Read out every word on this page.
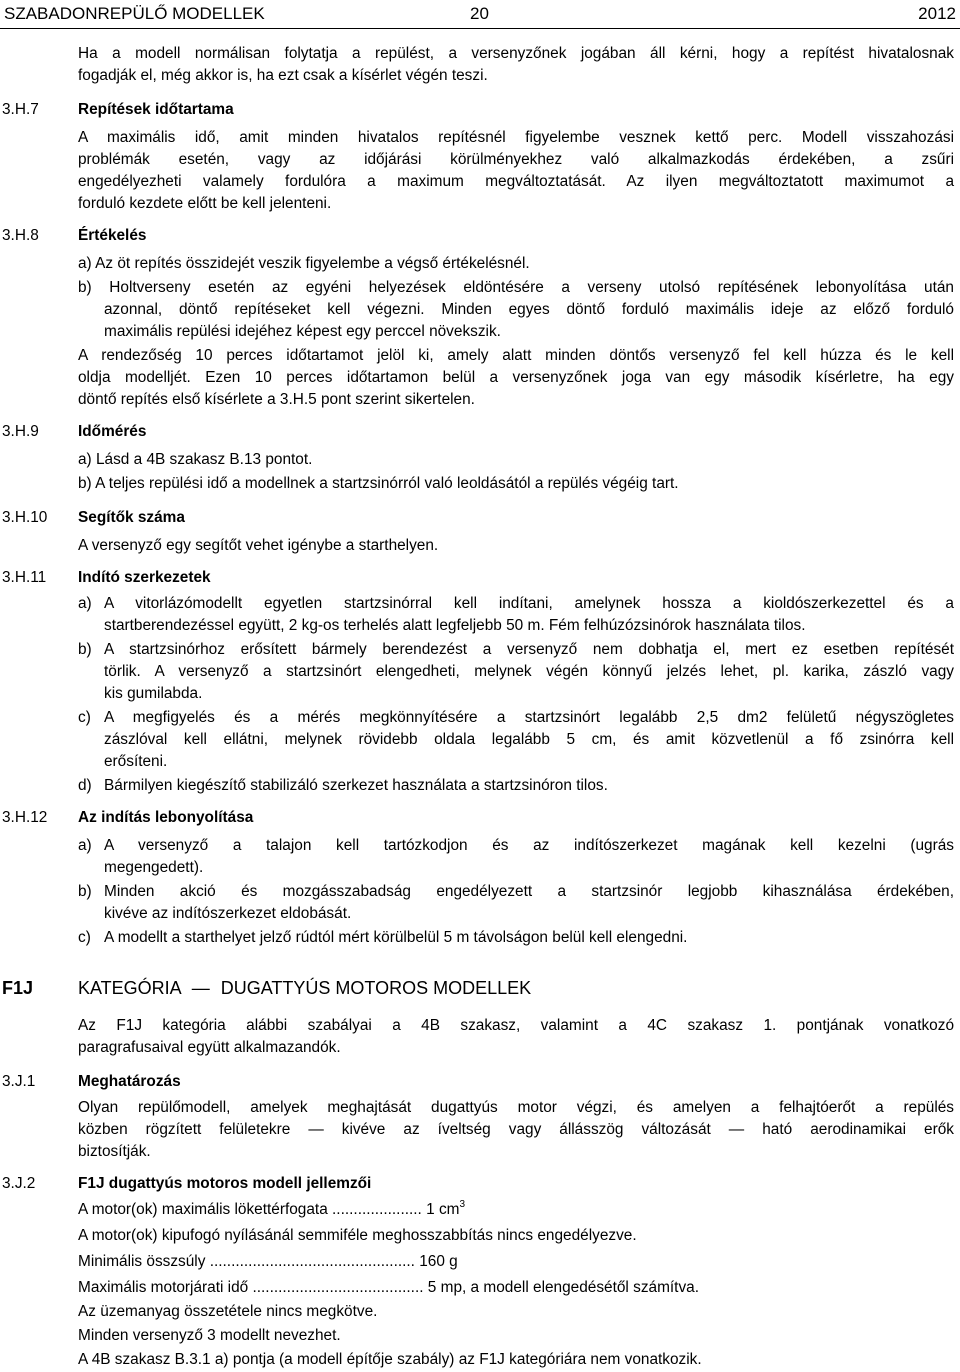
SZABADONREPÜLŐ MODELLEK	20	2012
Ha a modell normálisan folytatja a repülést, a versenyzőnek jogában áll kérni, hogy a repítést hivatalosnak
fogadják el, még akkor is, ha ezt csak a kísérlet végén teszi.
3.H.7	Repítések időtartama
A maximális idő, amit minden hivatalos repítésnél figyelembe vesznek kettő perc. Modell visszahozási
problémák esetén, vagy az időjárási körülményekhez való alkalmazkodás érdekében, a zsűri
engedélyezheti valamely fordulóra a maximum megváltoztatását. Az ilyen megváltoztatott maximumot a
forduló kezdete előtt be kell jelenteni.
3.H.8	Értékelés
a) Az öt repítés összidejét veszik figyelembe a végső értékelésnél.
b) Holtverseny esetén az egyéni helyezések eldöntésére a verseny utolsó repítésének lebonyolítása után
azonnal, döntő repítéseket kell végezni. Minden egyes döntő forduló maximális ideje az előző forduló
maximális repülési idejéhez képest egy perccel növekszik.
A rendezőség 10 perces időtartamot jelöl ki, amely alatt minden döntős versenyző fel kell húzza és le kell
oldja modelljét. Ezen 10 perces időtartamon belül a versenyzőnek joga van egy második kísérletre, ha egy
döntő repítés első kísérlete a 3.H.5 pont szerint sikertelen.
3.H.9	Időmérés
a) Lásd a 4B szakasz B.13 pontot.
b) A teljes repülési idő a modellnek a startzsinórról való leoldásától a repülés végéig tart.
3.H.10 Segítők száma
A versenyző egy segítőt vehet igénybe a starthelyen.
3.H.11 Indító szerkezetek
a) A vitorlázómodellt egyetlen startzsinórral kell indítani, amelynek hossza a kioldószerkezettel és a
startberendezéssel együtt, 2 kg-os terhelés alatt legfeljebb 50 m. Fém felhúzózsinórok használata tilos.
b) A startzsinórhoz erősített bármely berendezést a versenyző nem dobhatja el, mert ez esetben repítését
törlik. A versenyző a startzsinórt elengedheti, melynek végén könnyű jelzés lehet, pl. karika, zászló vagy
kis gumilabda.
c) A megfigyelés és a mérés megkönnyítésére a startzsinórt legalább 2,5 dm2 felületű négyszögletes
zászlóval kell ellátni, melynek rövidebb oldala legalább 5 cm, és amit közvetlenül a fő zsinórra kell
erősíteni.
d) Bármilyen kiegészítő stabilizáló szerkezet használata a startzsinóron tilos.
3.H.12 Az indítás lebonyolítása
a) A versenyző a talajon kell tartózkodjon és az indítószerkezet magának kell kezelni (ugrás
megengedett).
b) Minden akció és mozgásszabadság engedélyezett a startzsinór legjobb kihasználása érdekében,
kivéve az indítószerkezet eldobását.
c) A modellt a starthelyet jelző rúdtól mért körülbelül 5 m távolságon belül kell elengedni.
F1J KATEGÓRIA — DUGATTYÚS MOTOROS MODELLEK
Az F1J kategória alábbi szabályai a 4B szakasz, valamint a 4C szakasz 1. pontjának vonatkozó
paragrafusaival együtt alkalmazandók.
3.J.1	Meghatározás
Olyan repülőmodell, amelyek meghajtását dugattyús motor végzi, és amelyen a felhajtóerőt a repülés
közben rögzített felületekre — kivéve az íveltség vagy állásszög változását — ható aerodinamikai erők
biztosítják.
3.J.2	F1J dugattyús motoros modell jellemzői
A motor(ok) maximális lökettérfogata ..................... 1 $cm^3$
A motor(ok) kipufogó nyílásánál semmiféle meghosszabbítás nincs engedélyezve.
Minimális összsúly ................................................ 160 g
Maximális motorjárati idő ........................................ 5 mp, a modell elengedésétől számítva.
Az üzemanyag összetétele nincs megkötve.
Minden versenyző 3 modellt nevezhet.
A 4B szakasz B.3.1 a) pontja (a modell építője szabály) az F1J kategóriára nem vonatkozik.
